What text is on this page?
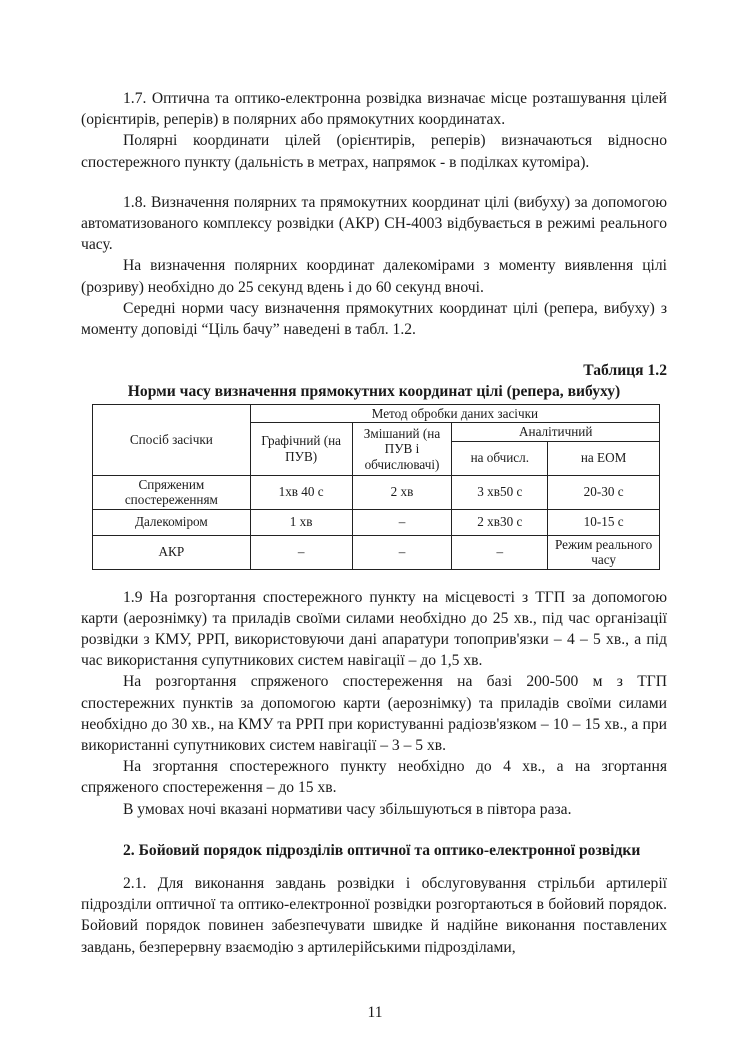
1.7. Оптична та оптико-електронна розвідка визначає місце розташування цілей (орієнтирів, реперів) в полярних або прямокутних координатах.

Полярні координати цілей (орієнтирів, реперів) визначаються відносно спостережного пункту (дальність в метрах, напрямок - в поділках кутоміра).

1.8. Визначення полярних та прямокутних координат цілі (вибуху) за допомогою автоматизованого комплексу розвідки (АКР) СН-4003 відбувається в режимі реального часу.

На визначення полярних координат далекомірами з моменту виявлення цілі (розриву) необхідно до 25 секунд вдень і до 60 секунд вночі.

Середні норми часу визначення прямокутних координат цілі (репера, вибуху) з моменту доповіді “Ціль бачу” наведені в табл. 1.2.

Таблиця 1.2
Норми часу визначення прямокутних координат цілі (репера, вибуху)
Спосіб засічки	Метод обробки даних засічки			
	Графічний (на ПУВ)	Змішаний (на ПУВ і обчислювачі)	Аналітичний	
			на обчисл.	на ЕОМ
Спряженим спостереженням	1хв 40 с	2 хв	3 хв50 с	20-30 с
Далекоміром	1 хв	–	2 хв30 с	10-15 с
АКР	–	–	–	Режим реального часу

1.9 На розгортання спостережного пункту на місцевості з ТГП за допомогою карти (аерознімку) та приладів своїми силами необхідно до 25 хв., під час організації розвідки з КМУ, РРП, використовуючи дані апаратури топоприв'язки – 4 – 5 хв., а під час використання супутникових систем навігації – до 1,5 хв.

На розгортання спряженого спостереження на базі 200-500 м з ТГП спостережних пунктів за допомогою карти (аерознімку) та приладів своїми силами необхідно до 30 хв., на КМУ та РРП при користуванні радіозв'язком – 10 – 15 хв., а при використанні супутникових систем навігації – 3 – 5 хв.

На згортання спостережного пункту необхідно до 4 хв., а на згортання спряженого спостереження – до 15 хв.

В умовах ночі вказані нормативи часу збільшуються в півтора раза.

2. Бойовий порядок підрозділів оптичної та оптико-електронної розвідки

2.1. Для виконання завдань розвідки і обслуговування стрільби артилерії підрозділи оптичної та оптико-електронної розвідки розгортаються в бойовий порядок. Бойовий порядок повинен забезпечувати швидке й надійне виконання поставлених завдань, безперервну взаємодію з артилерійськими підрозділами,

11
